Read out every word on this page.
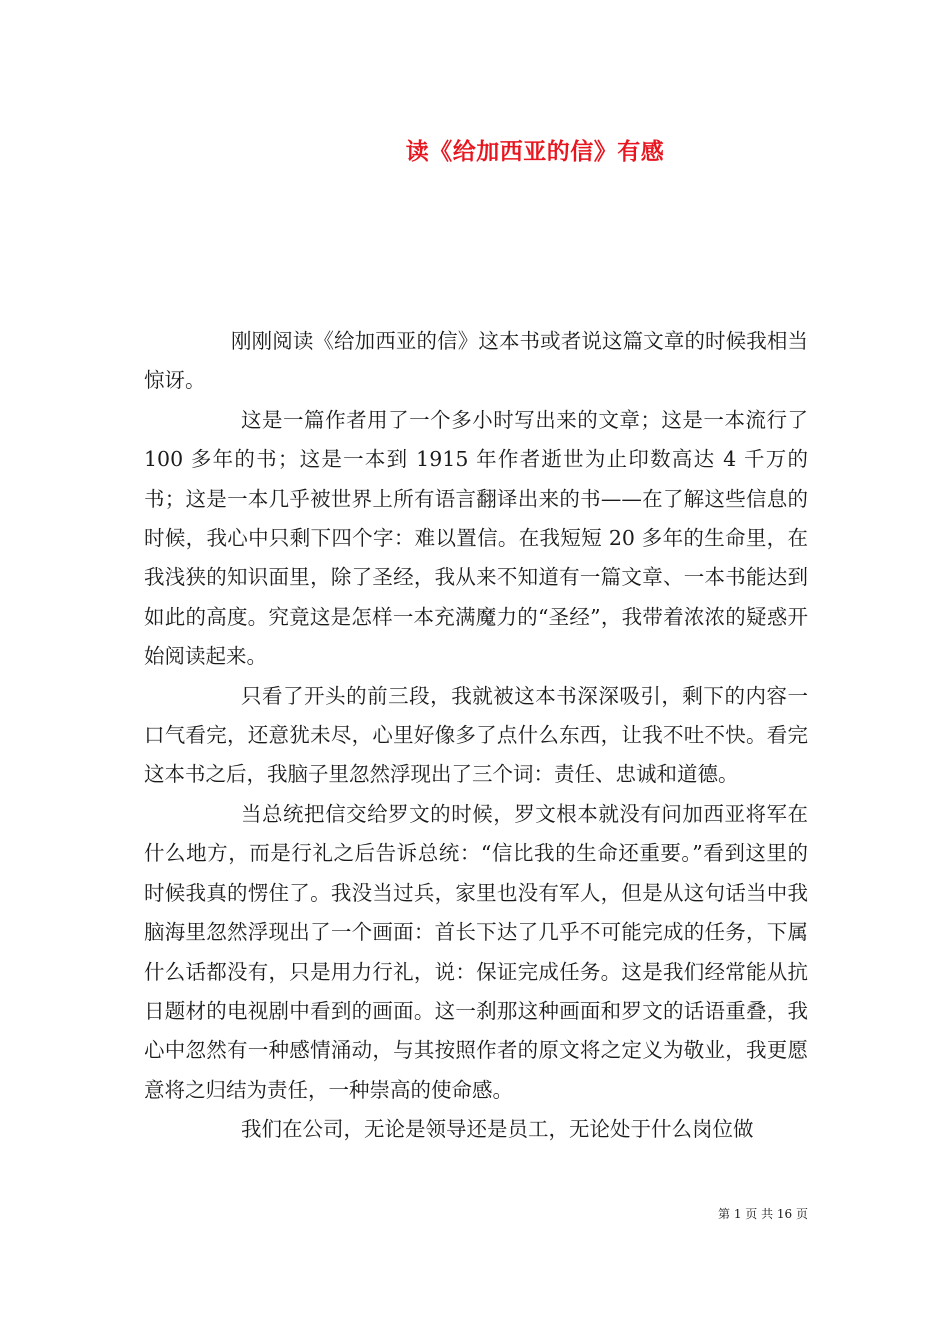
读《给加西亚的信》有感

刚刚阅读《给加西亚的信》这本书或者说这篇文章的时候我相当惊讶。

这是一篇作者用了一个多小时写出来的文章；这是一本流行了 100 多年的书；这是一本到 1915 年作者逝世为止印数高达 4 千万的书；这是一本几乎被世界上所有语言翻译出来的书——在了解这些信息的时候，我心中只剩下四个字：难以置信。在我短短 20 多年的生命里，在我浅狭的知识面里，除了圣经，我从来不知道有一篇文章、一本书能达到如此的高度。究竟这是怎样一本充满魔力的“圣经”，我带着浓浓的疑惑开始阅读起来。

只看了开头的前三段，我就被这本书深深吸引，剩下的内容一口气看完，还意犹未尽，心里好像多了点什么东西，让我不吐不快。看完这本书之后，我脑子里忽然浮现出了三个词：责任、忠诚和道德。

当总统把信交给罗文的时候，罗文根本就没有问加西亚将军在什么地方，而是行礼之后告诉总统：“信比我的生命还重要。”看到这里的时候我真的愣住了。我没当过兵，家里也没有军人，但是从这句话当中我脑海里忽然浮现出了一个画面：首长下达了几乎不可能完成的任务，下属什么话都没有，只是用力行礼，说：保证完成任务。这是我们经常能从抗日题材的电视剧中看到的画面。这一刹那这种画面和罗文的话语重叠，我心中忽然有一种感情涌动，与其按照作者的原文将之定义为敬业，我更愿意将之归结为责任，一种崇高的使命感。

我们在公司，无论是领导还是员工，无论处于什么岗位做

第 1 页 共 16 页
